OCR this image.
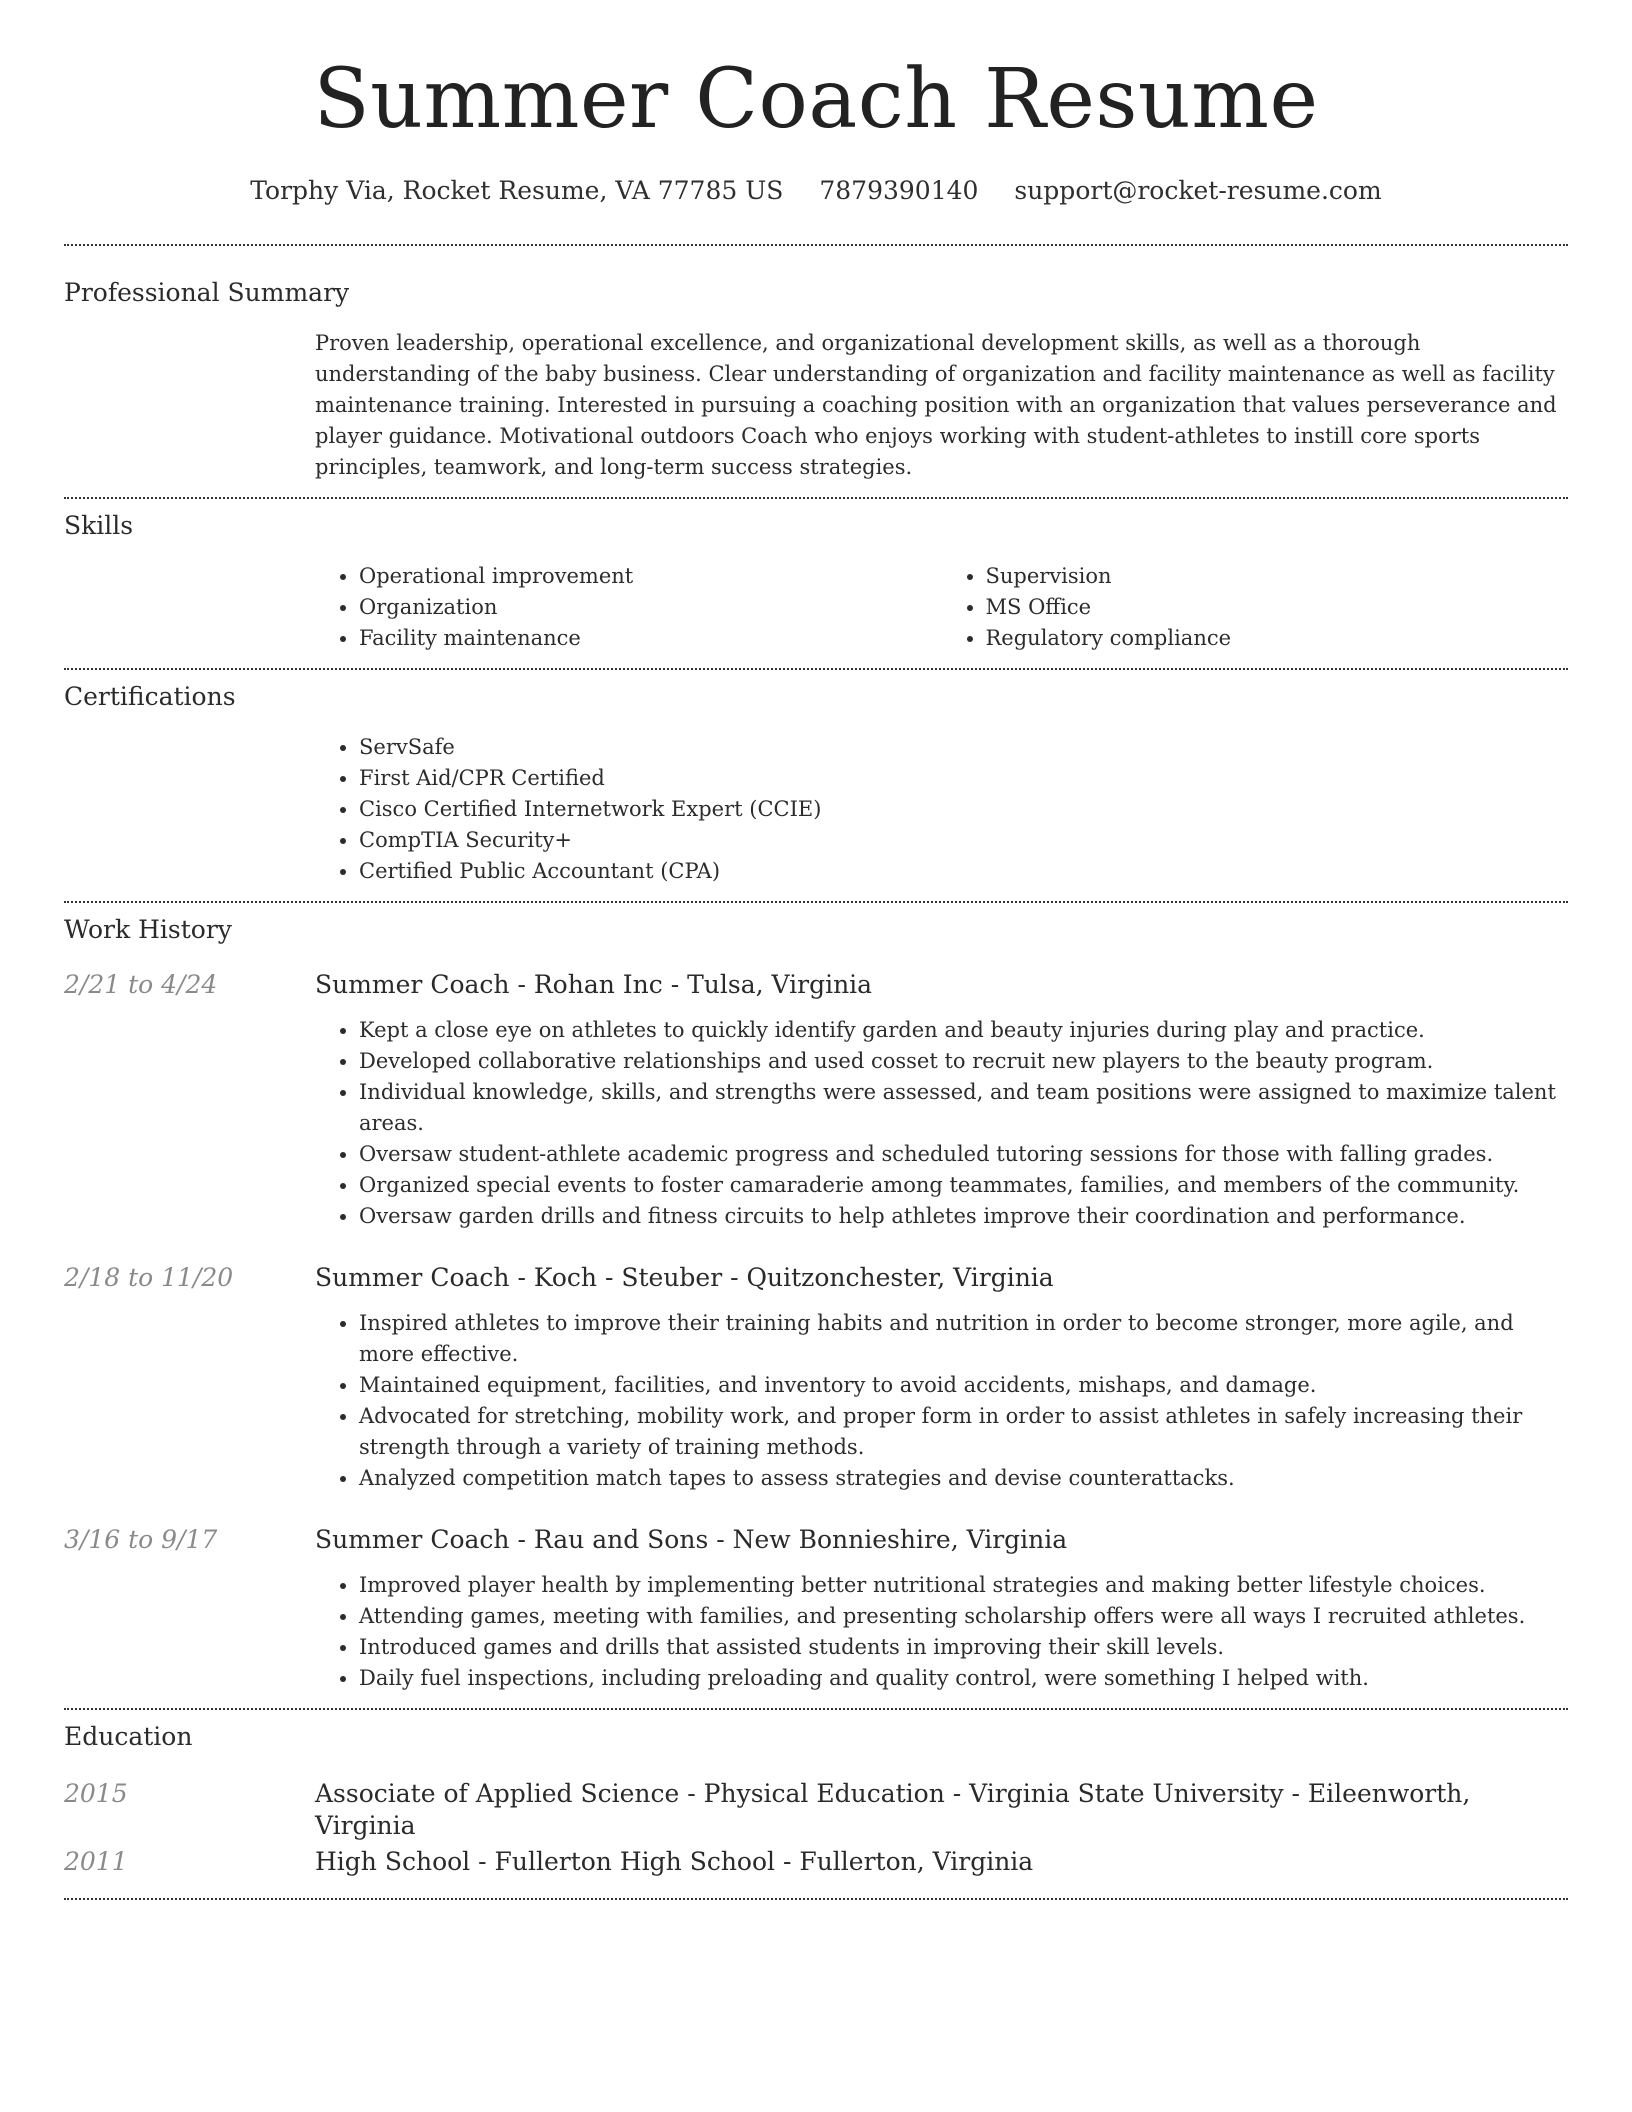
Summer Coach Resume
Torphy Via, Rocket Resume, VA 77785 US 7879390140 support@rocket-resume.com
Professional Summary

Proven leadership, operational excellence, and organizational development skills, as well as a thorough understanding of the baby business. Clear understanding of organization and facility maintenance as well as facility maintenance training. Interested in pursuing a coaching position with an organization that values perseverance and player guidance. Motivational outdoors Coach who enjoys working with student-athletes to instill core sports principles, teamwork, and long-term success strategies.

Skills
• Operational improvement
• Organization
• Facility maintenance
• Supervision
• MS Office
• Regulatory compliance
Certifications
• ServSafe
• First Aid/CPR Certified
• Cisco Certified Internetwork Expert (CCIE)
• CompTIA Security+
• Certified Public Accountant (CPA)
Work History
2/21 to 4/24	Summer Coach - Rohan Inc - Tulsa, Virginia
• Kept a close eye on athletes to quickly identify garden and beauty injuries during play and practice.
• Developed collaborative relationships and used cosset to recruit new players to the beauty program.
• Individual knowledge, skills, and strengths were assessed, and team positions were assigned to maximize talent areas.
• Oversaw student-athlete academic progress and scheduled tutoring sessions for those with falling grades.
• Organized special events to foster camaraderie among teammates, families, and members of the community.
• Oversaw garden drills and fitness circuits to help athletes improve their coordination and performance.
2/18 to 11/20	Summer Coach - Koch - Steuber - Quitzonchester, Virginia
• Inspired athletes to improve their training habits and nutrition in order to become stronger, more agile, and more effective.
• Maintained equipment, facilities, and inventory to avoid accidents, mishaps, and damage.
• Advocated for stretching, mobility work, and proper form in order to assist athletes in safely increasing their strength through a variety of training methods.
• Analyzed competition match tapes to assess strategies and devise counterattacks.
3/16 to 9/17	Summer Coach - Rau and Sons - New Bonnieshire, Virginia
• Improved player health by implementing better nutritional strategies and making better lifestyle choices.
• Attending games, meeting with families, and presenting scholarship offers were all ways I recruited athletes.
• Introduced games and drills that assisted students in improving their skill levels.
• Daily fuel inspections, including preloading and quality control, were something I helped with.
Education
2015	Associate of Applied Science - Physical Education - Virginia State University - Eileenworth, Virginia
2011	High School - Fullerton High School - Fullerton, Virginia
